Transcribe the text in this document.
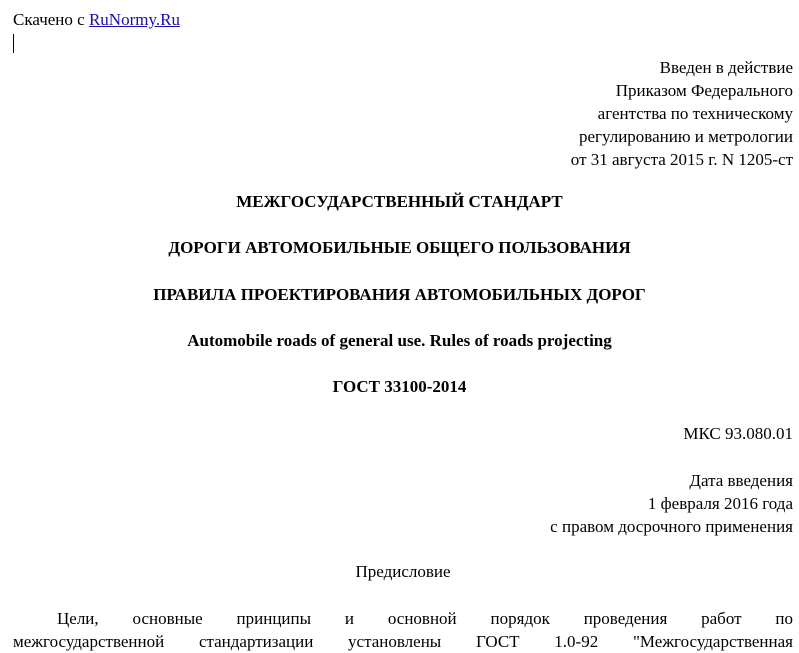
Скачено с RuNormy.Ru
Введен в действие
Приказом Федерального
агентства по техническому
регулированию и метрологии
от 31 августа 2015 г. N 1205-ст
МЕЖГОСУДАРСТВЕННЫЙ СТАНДАРТ
ДОРОГИ АВТОМОБИЛЬНЫЕ ОБЩЕГО ПОЛЬЗОВАНИЯ
ПРАВИЛА ПРОЕКТИРОВАНИЯ АВТОМОБИЛЬНЫХ ДОРОГ
Automobile roads of general use. Rules of roads projecting
ГОСТ 33100-2014
МКС 93.080.01
Дата введения
1 февраля 2016 года
с правом досрочного применения
Предисловие
Цели, основные принципы и основной порядок проведения работ по
межгосударственной стандартизации установлены ГОСТ 1.0-92 "Межгосударственная
